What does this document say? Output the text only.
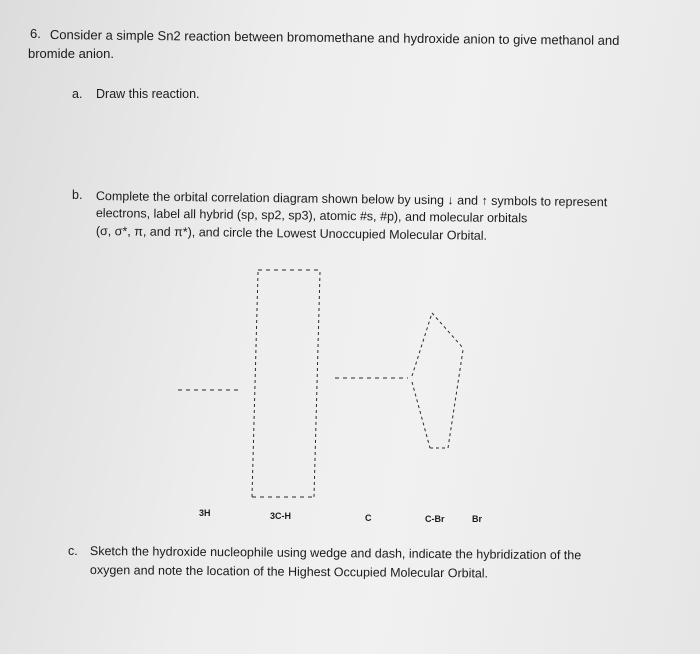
6. Consider a simple Sn2 reaction between bromomethane and hydroxide anion to give methanol and
bromide anion.
a. Draw this reaction.
b. Complete the orbital correlation diagram shown below by using ↓ and ↑ symbols to represent
electrons, label all hybrid (sp, sp2, sp3), atomic #s, #p), and molecular orbitals
(σ, σ*, π, and π*), and circle the Lowest Unoccupied Molecular Orbital.
3H	3C-H	C	C-Br	Br
c. Sketch the hydroxide nucleophile using wedge and dash, indicate the hybridization of the
oxygen and note the location of the Highest Occupied Molecular Orbital.
